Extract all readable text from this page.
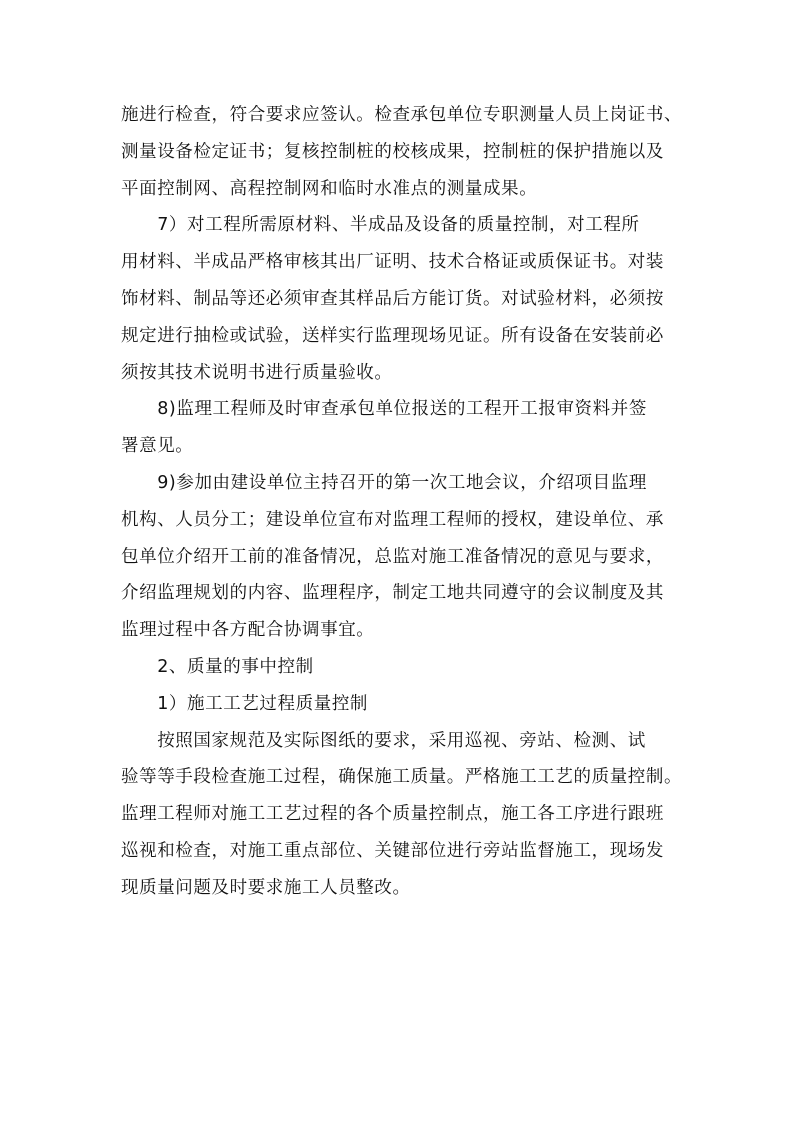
施进行检查，符合要求应签认。检查承包单位专职测量人员上岗证书、
测量设备检定证书；复核控制桩的校核成果，控制桩的保护措施以及
平面控制网、高程控制网和临时水准点的测量成果。
　　7）对工程所需原材料、半成品及设备的质量控制，对工程所
用材料、半成品严格审核其出厂证明、技术合格证或质保证书。对装
饰材料、制品等还必须审查其样品后方能订货。对试验材料，必须按
规定进行抽检或试验，送样实行监理现场见证。所有设备在安装前必
须按其技术说明书进行质量验收。
　　8)监理工程师及时审查承包单位报送的工程开工报审资料并签
署意见。
　　9)参加由建设单位主持召开的第一次工地会议，介绍项目监理
机构、人员分工；建设单位宣布对监理工程师的授权，建设单位、承
包单位介绍开工前的准备情况，总监对施工准备情况的意见与要求，
介绍监理规划的内容、监理程序，制定工地共同遵守的会议制度及其
监理过程中各方配合协调事宜。
　　2、质量的事中控制
　　1）施工工艺过程质量控制
　　按照国家规范及实际图纸的要求，采用巡视、旁站、检测、试
验等等手段检查施工过程，确保施工质量。严格施工工艺的质量控制。
监理工程师对施工工艺过程的各个质量控制点，施工各工序进行跟班
巡视和检查，对施工重点部位、关键部位进行旁站监督施工，现场发
现质量问题及时要求施工人员整改。
